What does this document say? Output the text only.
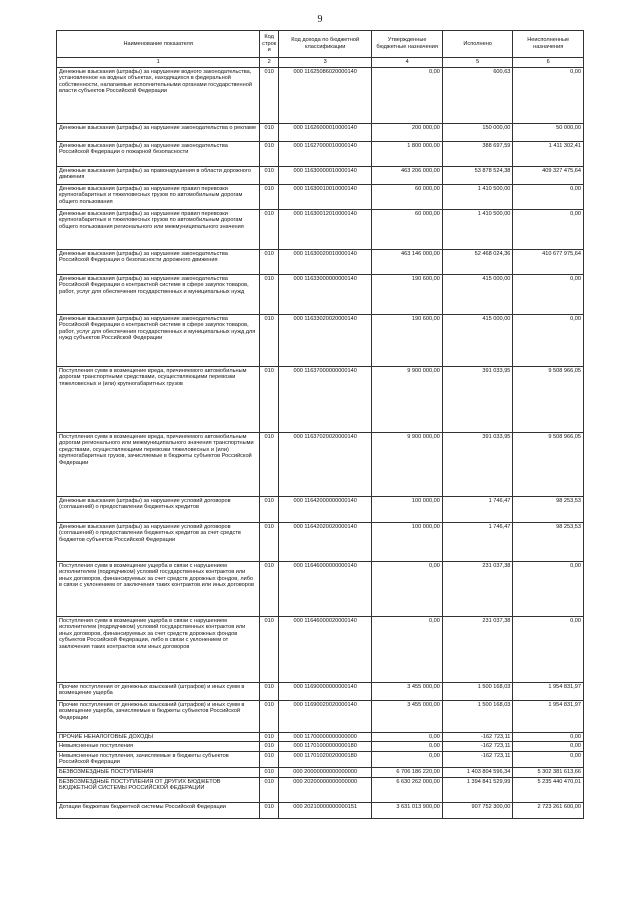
9
Наименование показателя	Код строк и	Код дохода по бюджетной классификации	Утвержденные бюджетные назначения	Исполнено	Неисполненные назначения
1	2	3	4	5	6
Денежные взыскания (штрафы) за нарушение водного законодательства, установленное на водных объектах, находящихся в федеральной собственности, налагаемые исполнительными органами государственной власти субъектов Российской Федерации	010	000 11625086020000140	0,00	600,63	0,00
Денежные взыскания (штрафы) за нарушение законодательства о рекламе	010	000 11626000010000140	200 000,00	150 000,00	50 000,00
Денежные взыскания (штрафы) за нарушение законодательства Российской Федерации о пожарной безопасности	010	000 11627000010000140	1 800 000,00	388 697,59	1 411 302,41
Денежные взыскания (штрафы) за правонарушения в области дорожного движения	010	000 11630000010000140	463 206 000,00	53 878 524,38	409 327 475,64
Денежные взыскания (штрафы) за нарушение правил перевозки крупногабаритных и тяжеловесных грузов по автомобильным дорогам общего пользования	010	000 11630010010000140	60 000,00	1 410 500,00	0,00
Денежные взыскания (штрафы) за нарушение правил перевозки крупногабаритных и тяжеловесных грузов по автомобильным дорогам общего пользования регионального или межмуниципального значения	010	000 11630012010000140	60 000,00	1 410 500,00	0,00
Денежные взыскания (штрафы) за нарушение законодательства Российской Федерации о безопасности дорожного движения	010	000 11630020010000140	463 146 000,00	52 468 024,36	410 677 975,64
Денежные взыскания (штрафы) за нарушение законодательства Российской Федерации о контрактной системе в сфере закупок товаров, работ, услуг для обеспечения государственных и муниципальных нужд	010	000 11633000000000140	190 600,00	415 000,00	0,00
Денежные взыскания (штрафы) за нарушение законодательства Российской Федерации о контрактной системе в сфере закупок товаров, работ, услуг для обеспечения государственных и муниципальных нужд для нужд субъектов Российской Федерации	010	000 11633020020000140	190 600,00	415 000,00	0,00
Поступления сумм в возмещение вреда, причиняемого автомобильным дорогам транспортными средствами, осуществляющими перевозки тяжеловесных и (или) крупногабаритных грузов	010	000 11637000000000140	9 900 000,00	391 033,95	9 508 966,05
Поступления сумм в возмещение вреда, причиняемого автомобильным дорогам регионального или межмуниципального значения транспортными средствами, осуществляющими перевозки тяжеловесных и (или) крупногабаритных грузов, зачисляемые в бюджеты субъектов Российской Федерации	010	000 11637020020000140	9 900 000,00	391 033,95	9 508 966,05
Денежные взыскания (штрафы) за нарушение условий договоров (соглашений) о предоставлении бюджетных кредитов	010	000 11642000000000140	100 000,00	1 746,47	98 253,53
Денежные взыскания (штрафы) за нарушение условий договоров (соглашений) о предоставлении бюджетных кредитов за счет средств бюджетов субъектов Российской Федерации	010	000 11642020020000140	100 000,00	1 746,47	98 253,53
Поступления сумм в возмещение ущерба в связи с нарушением исполнителем (подрядчиком) условий государственных контрактов или иных договоров, финансируемых за счет средств дорожных фондов, либо в связи с уклонением от заключения таких контрактов или иных договоров	010	000 11646000000000140	0,00	231 037,38	0,00
Поступления сумм в возмещение ущерба в связи с нарушением исполнителем (подрядчиком) условий государственных контрактов или иных договоров, финансируемых за счет средств дорожных фондов субъектов Российской Федерации, либо в связи с уклонением от заключения таких контрактов или иных договоров	010	000 11646000020000140	0,00	231 037,38	0,00
Прочие поступления от денежных взысканий (штрафов) и иных сумм в возмещение ущерба	010	000 11690000000000140	3 455 000,00	1 500 168,03	1 954 831,97
Прочие поступления от денежных взысканий (штрафов) и иных сумм в возмещение ущерба, зачисляемые в бюджеты субъектов Российской Федерации	010	000 11690020020000140	3 455 000,00	1 500 168,03	1 954 831,97
ПРОЧИЕ НЕНАЛОГОВЫЕ ДОХОДЫ	010	000 11700000000000000	0,00	-162 723,11	0,00
Невыясненные поступления	010	000 11701000000000180	0,00	-162 723,11	0,00
Невыясненные поступления, зачисляемые в бюджеты субъектов Российской Федерации	010	000 11701020020000180	0,00	-162 723,11	0,00
БЕЗВОЗМЕЗДНЫЕ ПОСТУПЛЕНИЯ	010	000 20000000000000000	6 706 186 220,00	1 403 804 596,34	5 302 381 613,66
БЕЗВОЗМЕЗДНЫЕ ПОСТУПЛЕНИЯ ОТ ДРУГИХ БЮДЖЕТОВ БЮДЖЕТНОЙ СИСТЕМЫ РОССИЙСКОЙ ФЕДЕРАЦИИ	010	000 20200000000000000	6 630 262 000,00	1 394 841 529,99	5 235 440 470,01
Дотации бюджетам бюджетной системы Российской Федерации	010	000 20210000000000151	3 631 013 900,00	907 752 300,00	2 723 261 600,00
